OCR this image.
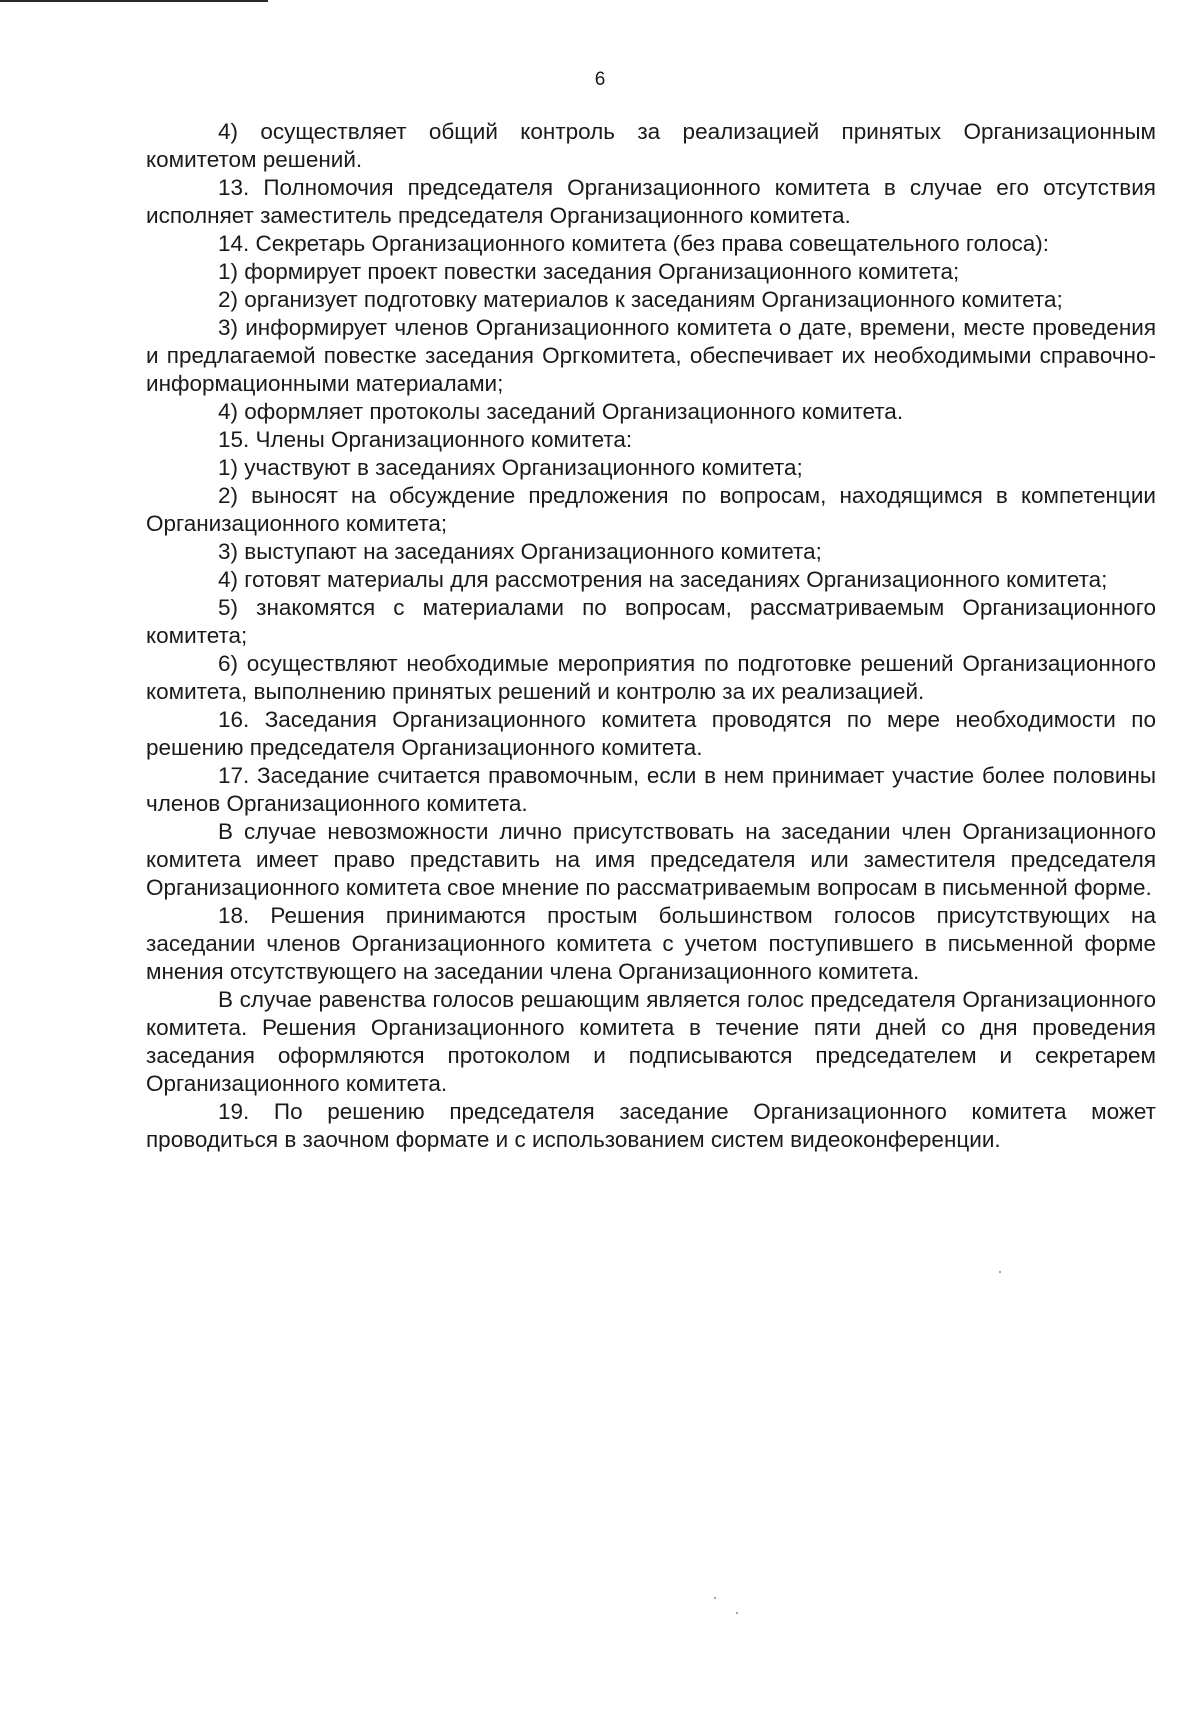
6

4) осуществляет общий контроль за реализацией принятых Организационным комитетом решений.

13. Полномочия председателя Организационного комитета в случае его отсутствия исполняет заместитель председателя Организационного комитета.

14. Секретарь Организационного комитета (без права совещательного голоса):

1) формирует проект повестки заседания Организационного комитета;

2) организует подготовку материалов к заседаниям Организационного комитета;

3) информирует членов Организационного комитета о дате, времени, месте проведения и предлагаемой повестке заседания Оргкомитета, обеспечивает их необходимыми справочно-информационными материалами;

4) оформляет протоколы заседаний Организационного комитета.

15. Члены Организационного комитета:

1) участвуют в заседаниях Организационного комитета;

2) выносят на обсуждение предложения по вопросам, находящимся в компетенции Организационного комитета;

3) выступают на заседаниях Организационного комитета;

4) готовят материалы для рассмотрения на заседаниях Организационного комитета;

5) знакомятся с материалами по вопросам, рассматриваемым Организационного комитета;

6) осуществляют необходимые мероприятия по подготовке решений Организационного комитета, выполнению принятых решений и контролю за их реализацией.

16. Заседания Организационного комитета проводятся по мере необходимости по решению председателя Организационного комитета.

17. Заседание считается правомочным, если в нем принимает участие более половины членов Организационного комитета.

В случае невозможности лично присутствовать на заседании член Организационного комитета имеет право представить на имя председателя или заместителя председателя Организационного комитета свое мнение по рассматриваемым вопросам в письменной форме.

18. Решения принимаются простым большинством голосов присутствующих на заседании членов Организационного комитета с учетом поступившего в письменной форме мнения отсутствующего на заседании члена Организационного комитета.

В случае равенства голосов решающим является голос председателя Организационного комитета. Решения Организационного комитета в течение пяти дней со дня проведения заседания оформляются протоколом и подписываются председателем и секретарем Организационного комитета.

19. По решению председателя заседание Организационного комитета может проводиться в заочном формате и с использованием систем видеоконференции.
